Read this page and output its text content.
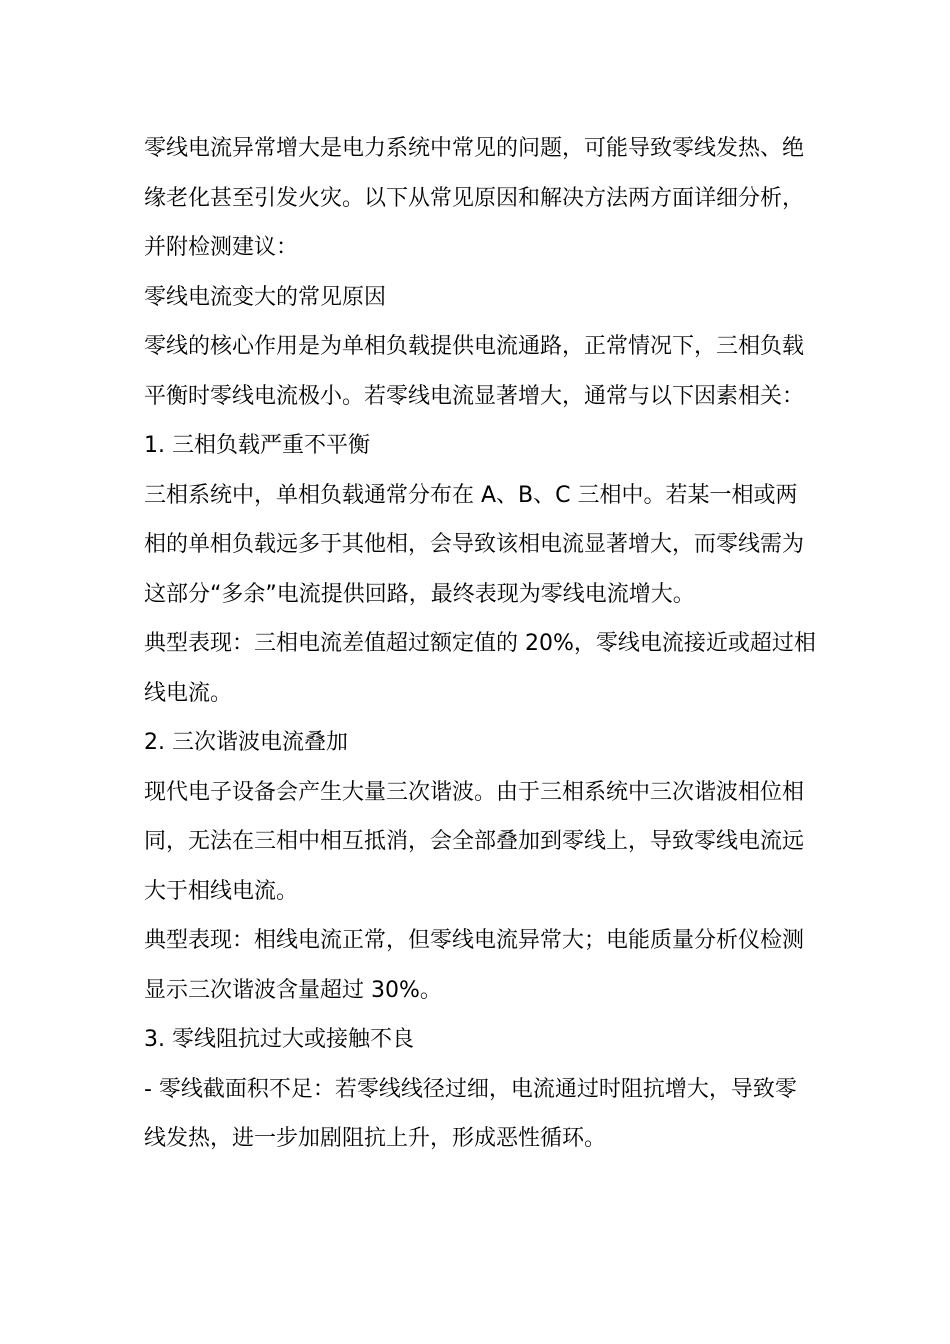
零线电流异常增大是电力系统中常见的问题，可能导致零线发热、绝缘老化甚至引发火灾。以下从常见原因和解决方法两方面详细分析，并附检测建议：

零线电流变大的常见原因

零线的核心作用是为单相负载提供电流通路，正常情况下，三相负载平衡时零线电流极小。若零线电流显著增大，通常与以下因素相关：

1. 三相负载严重不平衡

三相系统中，单相负载通常分布在 A、B、C 三相中。若某一相或两相的单相负载远多于其他相，会导致该相电流显著增大，而零线需为这部分“多余”电流提供回路，最终表现为零线电流增大。

典型表现：三相电流差值超过额定值的 20%，零线电流接近或超过相线电流。

2. 三次谐波电流叠加

现代电子设备会产生大量三次谐波。由于三相系统中三次谐波相位相同，无法在三相中相互抵消，会全部叠加到零线上，导致零线电流远大于相线电流。

典型表现：相线电流正常，但零线电流异常大；电能质量分析仪检测显示三次谐波含量超过 30%。

3. 零线阻抗过大或接触不良

- 零线截面积不足：若零线线径过细，电流通过时阻抗增大，导致零线发热，进一步加剧阻抗上升，形成恶性循环。
